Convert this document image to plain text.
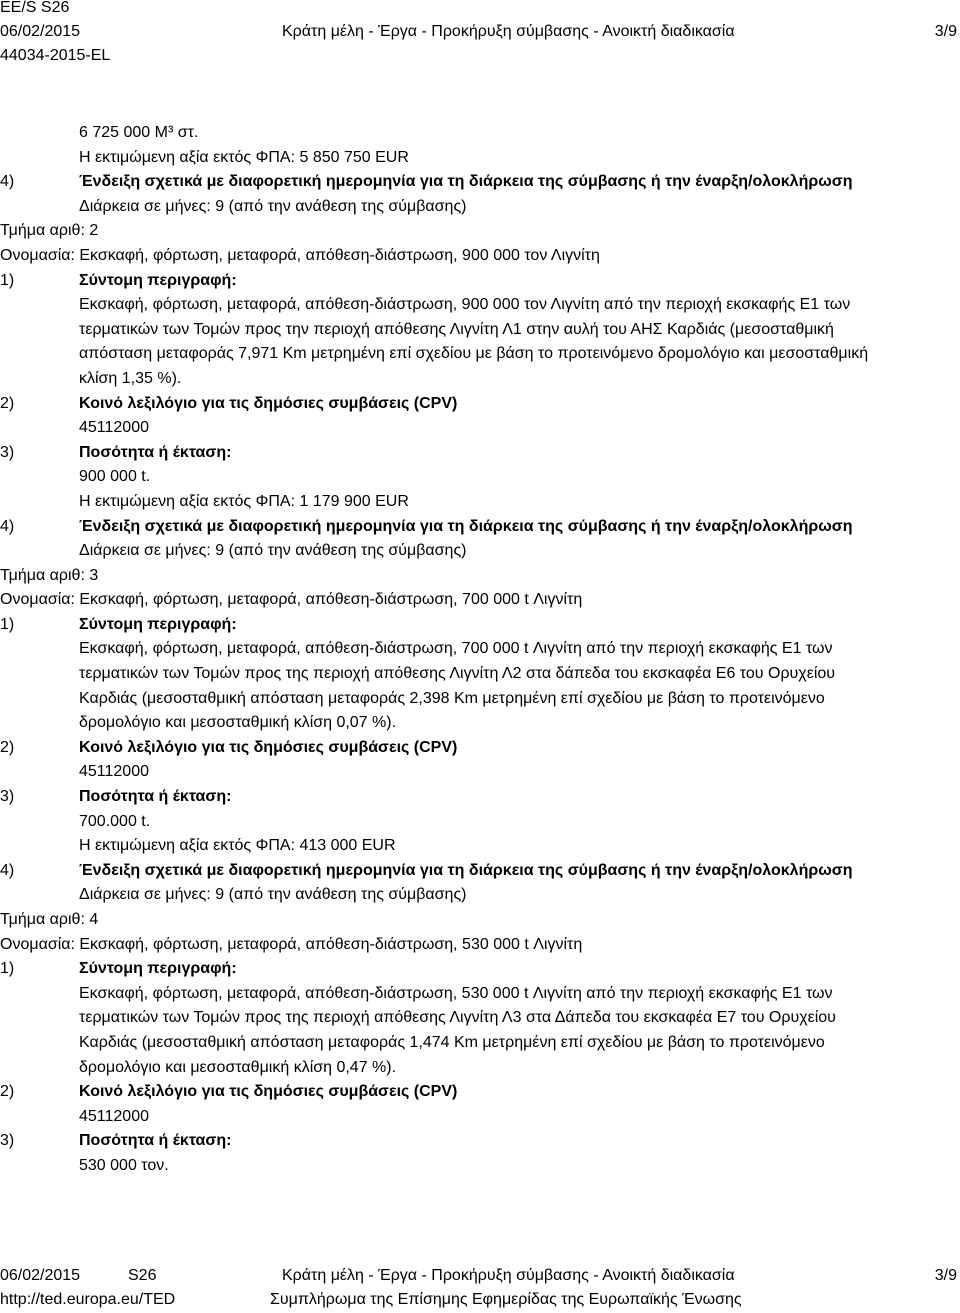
EE/S S26
06/02/2015
44034-2015-EL
Κράτη μέλη - Έργα - Προκήρυξη σύμβασης - Ανοικτή διαδικασία	3/9
6 725 000 Μ³ στ.
Η εκτιμώμενη αξία εκτός ΦΠΑ: 5 850 750 EUR
4)	Ένδειξη σχετικά με διαφορετική ημερομηνία για τη διάρκεια της σύμβασης ή την έναρξη/ολοκλήρωση
Διάρκεια σε μήνες: 9 (από την ανάθεση της σύμβασης)
Τμήμα αριθ: 2
Ονομασία: Εκσκαφή, φόρτωση, μεταφορά, απόθεση-διάστρωση, 900 000 τον Λιγνίτη
1)	Σύντομη περιγραφή:
Εκσκαφή, φόρτωση, μεταφορά, απόθεση-διάστρωση, 900 000 τον Λιγνίτη από την περιοχή εκσκαφής Ε1 των
τερματικών των Τομών προς την περιοχή απόθεσης Λιγνίτη Λ1 στην αυλή του ΑΗΣ Καρδιάς (μεσοσταθμική
απόσταση μεταφοράς 7,971 Km μετρημένη επί σχεδίου με βάση το προτεινόμενο δρομολόγιο και μεσοσταθμική
κλίση 1,35 %).
2)	Κοινό λεξιλόγιο για τις δημόσιες συμβάσεις (CPV)
45112000
3)	Ποσότητα ή έκταση:
900 000 t.
Η εκτιμώμενη αξία εκτός ΦΠΑ: 1 179 900 EUR
4)	Ένδειξη σχετικά με διαφορετική ημερομηνία για τη διάρκεια της σύμβασης ή την έναρξη/ολοκλήρωση
Διάρκεια σε μήνες: 9 (από την ανάθεση της σύμβασης)
Τμήμα αριθ: 3
Ονομασία: Εκσκαφή, φόρτωση, μεταφορά, απόθεση-διάστρωση, 700 000 t Λιγνίτη
1)	Σύντομη περιγραφή:
Εκσκαφή, φόρτωση, μεταφορά, απόθεση-διάστρωση, 700 000 t Λιγνίτη από την περιοχή εκσκαφής Ε1 των
τερματικών των Τομών προς της περιοχή απόθεσης Λιγνίτη Λ2 στα δάπεδα του εκσκαφέα Ε6 του Ορυχείου
Καρδιάς (μεσοσταθμική απόσταση μεταφοράς 2,398 Km μετρημένη επί σχεδίου με βάση το προτεινόμενο
δρομολόγιο και μεσοσταθμική κλίση 0,07 %).
2)	Κοινό λεξιλόγιο για τις δημόσιες συμβάσεις (CPV)
45112000
3)	Ποσότητα ή έκταση:
700.000 t.
Η εκτιμώμενη αξία εκτός ΦΠΑ: 413 000 EUR
4)	Ένδειξη σχετικά με διαφορετική ημερομηνία για τη διάρκεια της σύμβασης ή την έναρξη/ολοκλήρωση
Διάρκεια σε μήνες: 9 (από την ανάθεση της σύμβασης)
Τμήμα αριθ: 4
Ονομασία: Εκσκαφή, φόρτωση, μεταφορά, απόθεση-διάστρωση, 530 000 t Λιγνίτη
1)	Σύντομη περιγραφή:
Εκσκαφή, φόρτωση, μεταφορά, απόθεση-διάστρωση, 530 000 t Λιγνίτη από την περιοχή εκσκαφής Ε1 των
τερματικών των Τομών προς της περιοχή απόθεσης Λιγνίτη Λ3 στα Δάπεδα του εκσκαφέα Ε7 του Ορυχείου
Καρδιάς (μεσοσταθμική απόσταση μεταφοράς 1,474 Km μετρημένη επί σχεδίου με βάση το προτεινόμενο
δρομολόγιο και μεσοσταθμική κλίση 0,47 %).
2)	Κοινό λεξιλόγιο για τις δημόσιες συμβάσεις (CPV)
45112000
3)	Ποσότητα ή έκταση:
530 000 τον.
06/02/2015	S26
http://ted.europa.eu/TED
Κράτη μέλη - Έργα - Προκήρυξη σύμβασης - Ανοικτή διαδικασία
Συμπλήρωμα της Επίσημης Εφημερίδας της Ευρωπαϊκής Ένωσης
3/9
